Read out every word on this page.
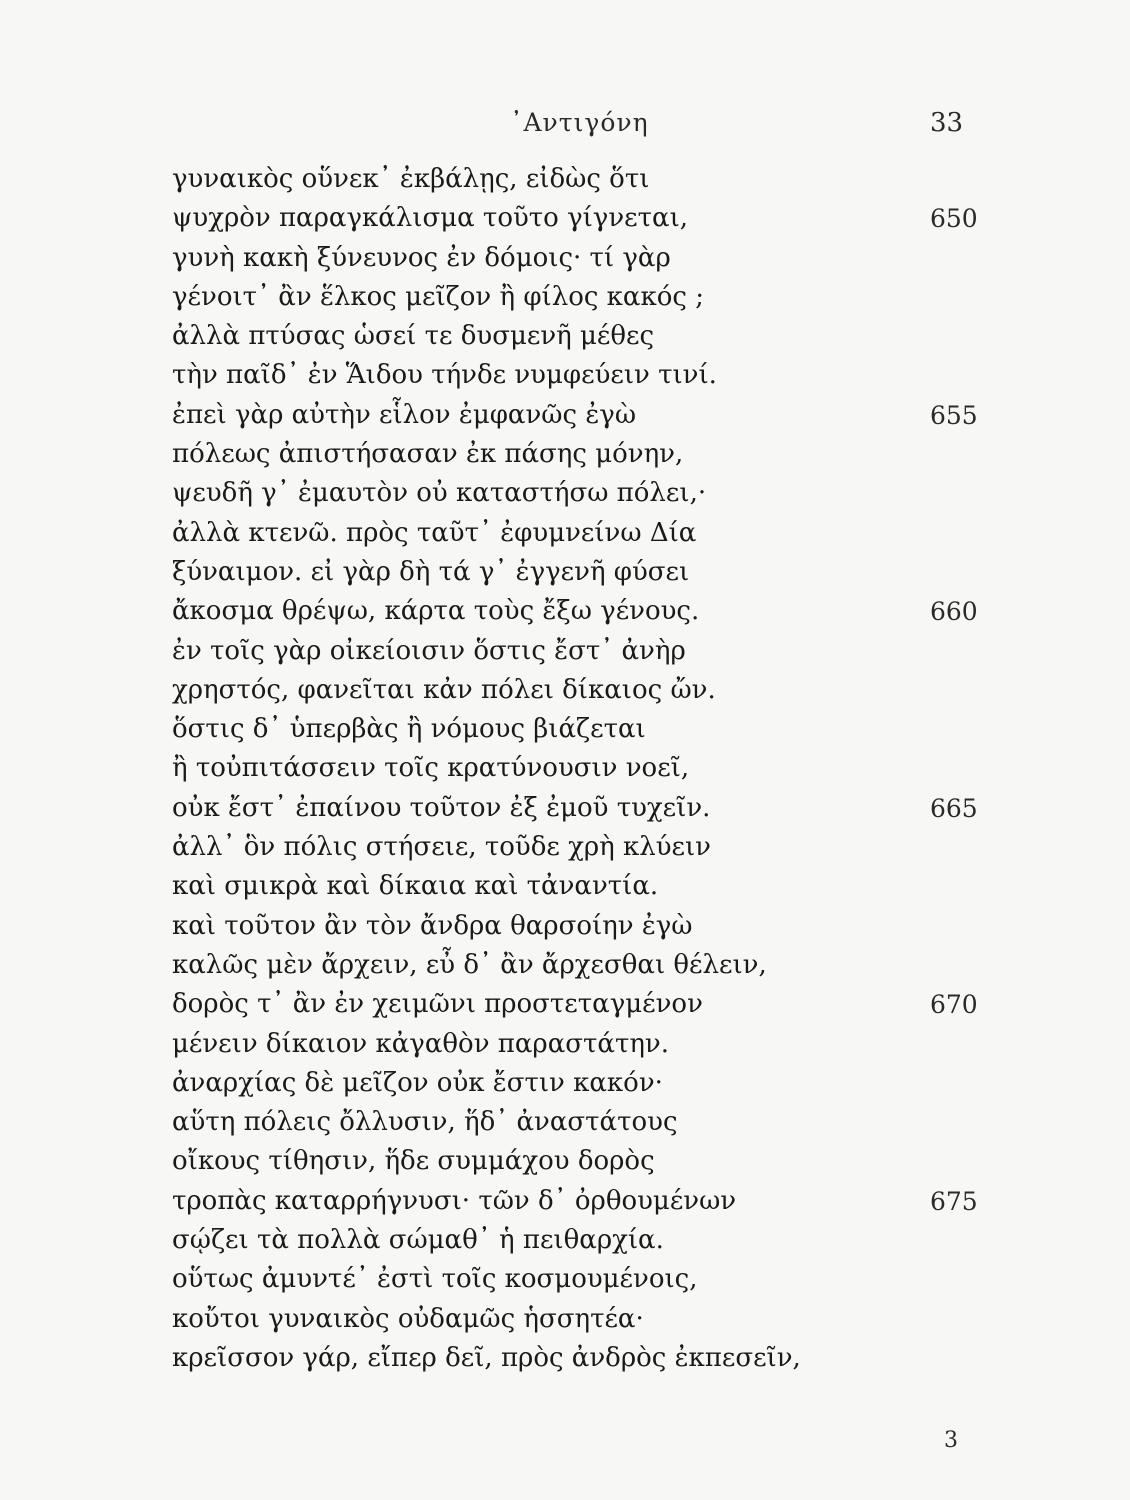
᾿Αντιγόνη	33
γυναικὸς οὕνεκ᾿ ἐκβάλῃς, εἰδὼς ὅτι
ψυχρὸν παραγκάλισμα τοῦτο γίγνεται,	650
γυνὴ κακὴ ξύνευνος ἐν δόμοις· τί γὰρ
γένοιτ᾿ ἂν ἕλκος μεῖζον ἢ φίλος κακός ;
ἀλλὰ πτύσας ὡσεί τε δυσμενῆ μέθες
τὴν παῖδ᾿ ἐν Ἅιδου τήνδε νυμφεύειν τινί.
ἐπεὶ γὰρ αὐτὴν εἷλον ἐμφανῶς ἐγὼ	655
πόλεως ἀπιστήσασαν ἐκ πάσης μόνην,
ψευδῆ γ᾿ ἐμαυτὸν οὐ καταστήσω πόλει,·
ἀλλὰ κτενῶ. πρὸς ταῦτ᾿ ἐφυμνείνω Δία
ξύναιμον. εἰ γὰρ δὴ τά γ᾿ ἐγγενῆ φύσει
ἄκοσμα θρέψω, κάρτα τοὺς ἔξω γένους.	660
ἐν τοῖς γὰρ οἰκείοισιν ὅστις ἔστ᾿ ἀνὴρ
χρηστός, φανεῖται κἀν πόλει δίκαιος ὤν.
ὅστις δ᾿ ὑπερβὰς ἢ νόμους βιάζεται
ἢ τοὐπιτάσσειν τοῖς κρατύνουσιν νοεῖ,
οὐκ ἔστ᾿ ἐπαίνου τοῦτον ἐξ ἐμοῦ τυχεῖν.	665
ἀλλ᾿ ὃν πόλις στήσειε, τοῦδε χρὴ κλύειν
καὶ σμικρὰ καὶ δίκαια καὶ τἀναντία.
καὶ τοῦτον ἂν τὸν ἄνδρα θαρσοίην ἐγὼ
καλῶς μὲν ἄρχειν, εὖ δ᾿ ἂν ἄρχεσθαι θέλειν,
δορὸς τ᾿ ἂν ἐν χειμῶνι προστεταγμένον	670
μένειν δίκαιον κἀγαθὸν παραστάτην.
ἀναρχίας δὲ μεῖζον οὐκ ἔστιν κακόν·
αὕτη πόλεις ὄλλυσιν, ἥδ᾿ ἀναστάτους
οἴκους τίθησιν, ἥδε συμμάχου δορὸς
τροπὰς καταρρήγνυσι· τῶν δ᾿ ὀρθουμένων	675
σῴζει τὰ πολλὰ σώμαθ᾿ ἡ πειθαρχία.
οὕτως ἀμυντέ᾿ ἐστὶ τοῖς κοσμουμένοις,
κοὔτοι γυναικὸς οὐδαμῶς ἡσσητέα·
κρεῖσσον γάρ, εἴπερ δεῖ, πρὸς ἀνδρὸς ἐκπεσεῖν,
3
